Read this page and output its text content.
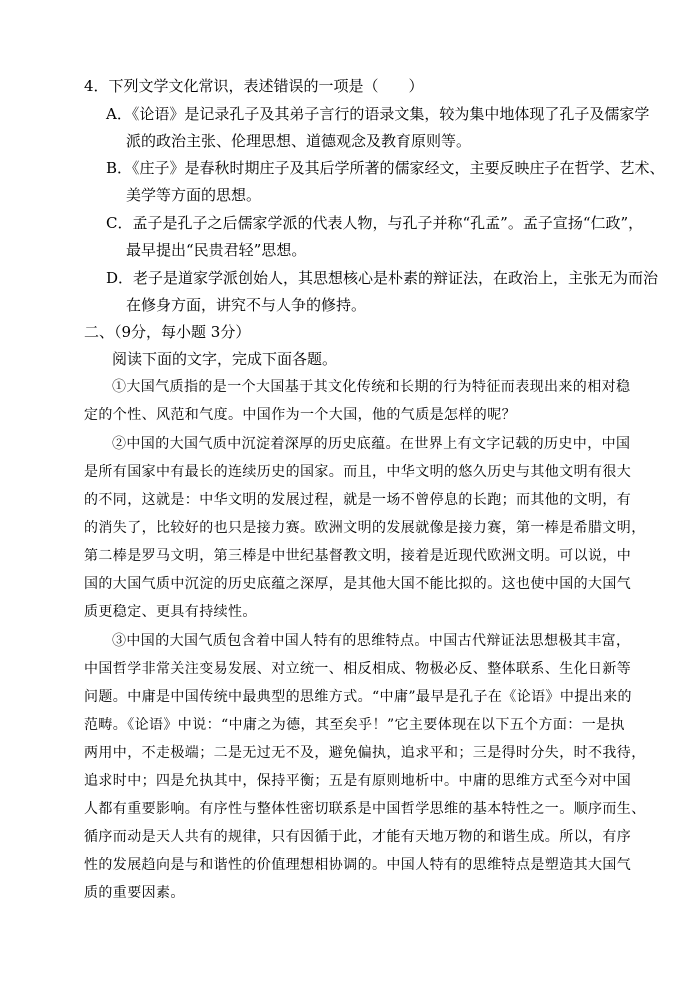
4．下列文学文化常识，表述错误的一项是（　　）
A．《论语》是记录孔子及其弟子言行的语录文集，较为集中地体现了孔子及儒家学
派的政治主张、伦理思想、道德观念及教育原则等。
B．《庄子》是春秋时期庄子及其后学所著的儒家经文，主要反映庄子在哲学、艺术、
美学等方面的思想。
C．孟子是孔子之后儒家学派的代表人物，与孔子并称“孔孟”。孟子宣扬“仁政”，
最早提出“民贵君轻”思想。
D．老子是道家学派创始人，其思想核心是朴素的辩证法，在政治上，主张无为而治
在修身方面，讲究不与人争的修持。
二、（9分，每小题 3分）
阅读下面的文字，完成下面各题。
①大国气质指的是一个大国基于其文化传统和长期的行为特征而表现出来的相对稳
定的个性、风范和气度。中国作为一个大国，他的气质是怎样的呢？
②中国的大国气质中沉淀着深厚的历史底蕴。在世界上有文字记载的历史中，中国
是所有国家中有最长的连续历史的国家。而且，中华文明的悠久历史与其他文明有很大
的不同，这就是：中华文明的发展过程，就是一场不曾停息的长跑；而其他的文明，有
的消失了，比较好的也只是接力赛。欧洲文明的发展就像是接力赛，第一棒是希腊文明，
第二棒是罗马文明，第三棒是中世纪基督教文明，接着是近现代欧洲文明。可以说，中
国的大国气质中沉淀的历史底蕴之深厚，是其他大国不能比拟的。这也使中国的大国气
质更稳定、更具有持续性。
③中国的大国气质包含着中国人特有的思维特点。中国古代辩证法思想极其丰富，
中国哲学非常关注变易发展、对立统一、相反相成、物极必反、整体联系、生化日新等
问题。中庸是中国传统中最典型的思维方式。“中庸”最早是孔子在《论语》中提出来的
范畴。《论语》中说：“中庸之为德，其至矣乎！”它主要体现在以下五个方面：一是执
两用中，不走极端；二是无过无不及，避免偏执，追求平和；三是得时分失，时不我待，
追求时中；四是允执其中，保持平衡；五是有原则地析中。中庸的思维方式至今对中国
人都有重要影响。有序性与整体性密切联系是中国哲学思维的基本特性之一。顺序而生、
循序而动是天人共有的规律，只有因循于此，才能有天地万物的和谐生成。所以，有序
性的发展趋向是与和谐性的价值理想相协调的。中国人特有的思维特点是塑造其大国气
质的重要因素。
